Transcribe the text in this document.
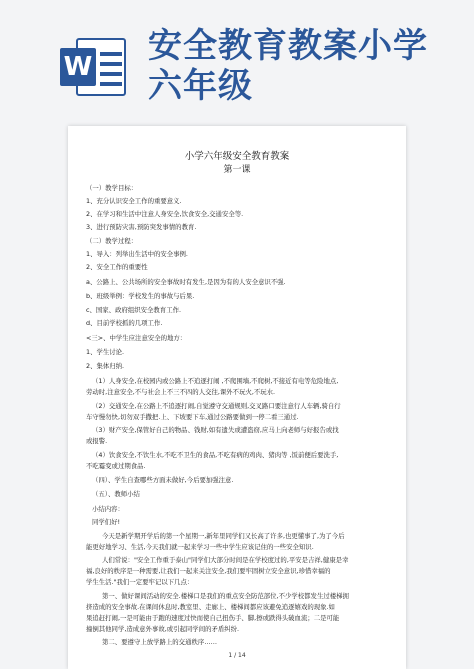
W
安全教育教案小学
六年级
小学六年级安全教育教案
第一课
（一）教学目标：
1、充分认识安全工作的重要意义.
2、在学习和生活中注意人身安全,饮食安全,交通安全等.
3、进行预防灾害,预防突发事情的教育.
（二）教学过程：
1、导入：列举出生活中的安全事例.
2、安全工作的重要性
a、公路上、公共场所的安全事故时有发生,是因为有的人安全意识不强.
b、班级举例：学校发生的事故与后果.
c、国家、政府组织安全教育工作.
d、目前学校抓的几项工作.
<三>、中学生应注意安全的地方：
1、学生讨论.
2、集体归纳.
（1）人身安全,在校园内或公路上不追逐打闹 ,不爬围墙,不爬树,不接近有电等危险地点,
劳动时,注意安全,不与社会上不三不四的人交往,课外不玩火,不玩水.
（2）交通安全,在公路上不追逐打闹,自觉遵守交通规则,交叉路口要注意行人车辆,骑自行
车守慢勿快,切勿双手撒把.上、下坡要下车,通过公路要做到一停二看三通过.
（3）财产安全,保管好自己的物品、钱财,如有遗失或遭盗窃,应马上向老师与好报告或找
或报警.
（4）饮食安全,不饮生水,不吃不卫生的食品,不吃有病的鸡肉、猪肉等 ,饭前便后要洗手,
不吃霉变或过期食品.
（四）、学生自查哪些方面未做好,今后要加强注意.
（五）、教师小结
小结内容：
同学们好!
今天是新学期开学后的第一个星期一,新年里同学们又长高了许多,也更懂事了,为了今后
能更好地学习、生活,今天我们就一起来学习一些中学生应该记住的一些安全知识.
人们常说："安全工作重于泰山"同学们大部分时间是在学校度过的,平安是吉祥,健康是幸
福,良好的秩序是一种需要,让我们一起来关注安全,我们要牢固树立安全意识,珍惜幸福的
学生生活."我们一定要牢记以下几点：
第一、做好课间活动的安全.楼梯口是我们的重点安全防范部位,不少学校都发生过楼梯拥
挤造成的安全事故.在课间休息时,教室里、走廊上、楼梯间都应该避免追逐嬉戏的现象.如
果追赶打闹,一是可能由于跑的速度过快而使自己扭伤手、脚,擦或跌得头破血流；二是可能
撞倒其他同学,造成意外事故,或引起同学间的矛盾纠纷.
第二、要遵守上放学路上的交通秩序……
1 / 14
